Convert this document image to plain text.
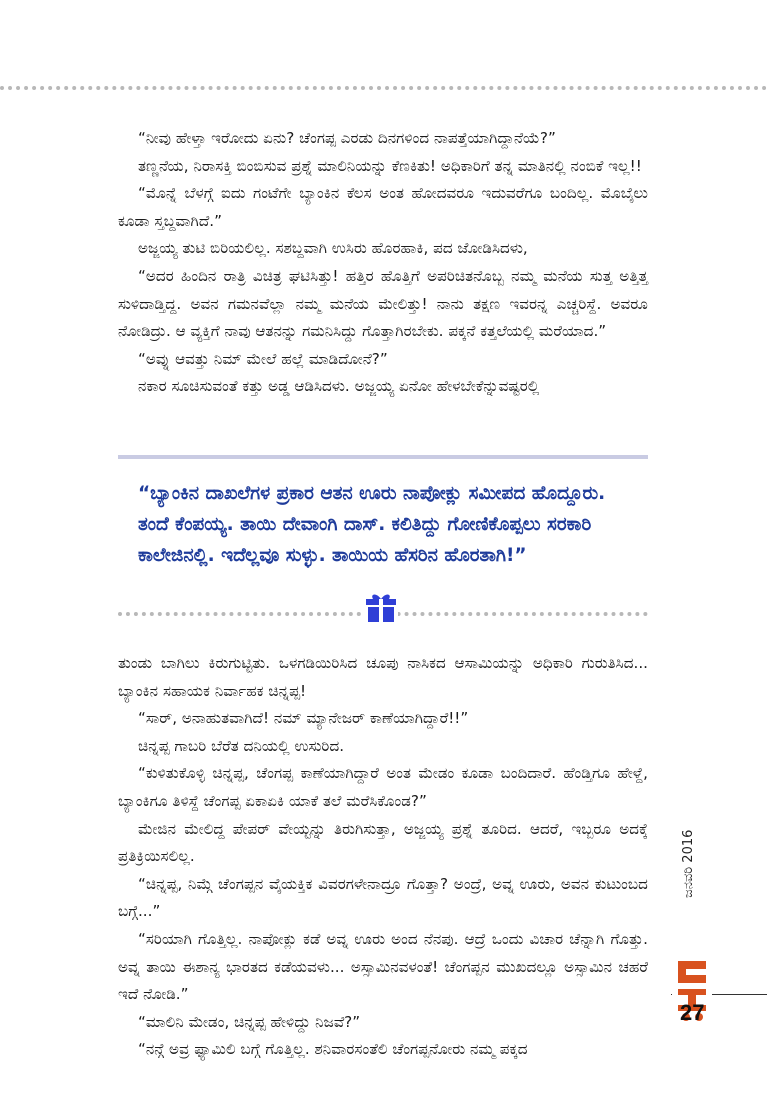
“ನೀವು ಹೇಳ್ತಾ ಇರೋದು ಏನು? ಚೆಂಗಪ್ಪ ಎರಡು ದಿನಗಳಿಂದ ನಾಪತ್ತೆಯಾಗಿದ್ದಾನೆಯೆ?”

ತಣ್ಣನೆಯ, ನಿರಾಸಕ್ತಿ ಬಿಂಬಿಸುವ ಪ್ರಶ್ನೆ ಮಾಲಿನಿಯನ್ನು ಕೆಣಕಿತು! ಅಧಿಕಾರಿಗೆ ತನ್ನ ಮಾತಿನಲ್ಲಿ ನಂಬಿಕೆ ಇಲ್ಲ!!

“ಮೊನ್ನೆ ಬೆಳಗ್ಗೆ ಐದು ಗಂಟೆಗೇ ಬ್ಯಾಂಕಿನ ಕೆಲಸ ಅಂತ ಹೋದವರೂ ಇದುವರೆಗೂ ಬಂದಿಲ್ಲ. ಮೊಬೈಲು ಕೂಡಾ ಸ್ತಬ್ದವಾಗಿದೆ.”

ಅಜ್ಜಯ್ಯ ತುಟಿ ಬಿರಿಯಲಿಲ್ಲ. ಸಶಬ್ದವಾಗಿ ಉಸಿರು ಹೊರಹಾಕಿ, ಪದ ಜೋಡಿಸಿದಳು,

“ಅದರ ಹಿಂದಿನ ರಾತ್ರಿ ವಿಚಿತ್ರ ಘಟಿಸಿತ್ತು! ಹತ್ತಿರ ಹೊತ್ತಿಗೆ ಅಪರಿಚಿತನೊಬ್ಬ ನಮ್ಮ ಮನೆಯ ಸುತ್ತ ಅತ್ತಿತ್ತ ಸುಳಿದಾಡ್ತಿದ್ದ. ಅವನ ಗಮನವೆಲ್ಲಾ ನಮ್ಮ ಮನೆಯ ಮೇಲಿತ್ತು! ನಾನು ತಕ್ಷಣ ಇವರನ್ನ ಎಚ್ಚರಿಸ್ದೆ. ಅವರೂ ನೋಡಿದ್ರು. ಆ ವ್ಯಕ್ತಿಗೆ ನಾವು ಆತನನ್ನು ಗಮನಿಸಿದ್ದು ಗೊತ್ತಾಗಿರಬೇಕು. ಪಕ್ಕನೆ ಕತ್ತಲೆಯಲ್ಲಿ ಮರೆಯಾದ.”

“ಅವ್ನು ಆವತ್ತು ನಿಮ್ ಮೇಲೆ ಹಲ್ಲೆ ಮಾಡಿದೋನೆ?”

ನಕಾರ ಸೂಚಿಸುವಂತೆ ಕತ್ತು ಅಡ್ಡ ಆಡಿಸಿದಳು. ಅಜ್ಜಯ್ಯ ಏನೋ ಹೇಳಬೇಕೆನ್ನುವಷ್ಟರಲ್ಲಿ

“ಬ್ಯಾಂಕಿನ ದಾಖಲೆಗಳ ಪ್ರಕಾರ ಆತನ ಊರು ನಾಪೋಕ್ಲು ಸಮೀಪದ ಹೊದ್ದೂರು. ತಂದೆ ಕೆಂಪಯ್ಯ. ತಾಯಿ ದೇವಾಂಗಿ ದಾಸ್. ಕಲಿತಿದ್ದು ಗೋಣಿಕೊಪ್ಪಲು ಸರಕಾರಿ ಕಾಲೇಜಿನಲ್ಲಿ. ಇದೆಲ್ಲವೂ ಸುಳ್ಳು. ತಾಯಿಯ ಹೆಸರಿನ ಹೊರತಾಗಿ!”

ತುಂಡು ಬಾಗಿಲು ಕಿರುಗುಟ್ಟಿತು. ಒಳಗಡಿಯಿರಿಸಿದ ಚೂಪು ನಾಸಿಕದ ಆಸಾಮಿಯನ್ನು ಅಧಿಕಾರಿ ಗುರುತಿಸಿದ... ಬ್ಯಾಂಕಿನ ಸಹಾಯಕ ನಿರ್ವಾಹಕ ಚಿನ್ನಪ್ಪ!

“ಸಾರ್, ಅನಾಹುತವಾಗಿದೆ! ನಮ್ ಮ್ಯಾನೇಜರ್ ಕಾಣೆಯಾಗಿದ್ದಾರೆ!!”

ಚಿನ್ನಪ್ಪ ಗಾಬರಿ ಬೆರೆತ ದನಿಯಲ್ಲಿ ಉಸುರಿದ.

“ಕುಳಿತುಕೊಳ್ಳಿ ಚಿನ್ನಪ್ಪ, ಚೆಂಗಪ್ಪ ಕಾಣೆಯಾಗಿದ್ದಾರೆ ಅಂತ ಮೇಡಂ ಕೂಡಾ ಬಂದಿದಾರೆ. ಹೆಂಡ್ತಿಗೂ ಹೇಳ್ದೆ, ಬ್ಯಾಂಕಿಗೂ ತಿಳಿಸ್ದೆ ಚೆಂಗಪ್ಪ ಏಕಾಏಕಿ ಯಾಕೆ ತಲೆ ಮರೆಸಿಕೊಂಡ?”

ಮೇಜಿನ ಮೇಲಿದ್ದ ಪೇಪರ್ ವೇಯ್ಟನ್ನು ತಿರುಗಿಸುತ್ತಾ, ಅಜ್ಜಯ್ಯ ಪ್ರಶ್ನೆ ತೂರಿದ. ಆದರೆ, ಇಬ್ಬರೂ ಅದಕ್ಕೆ ಪ್ರತಿಕ್ರಿಯಿಸಲಿಲ್ಲ.

“ಚಿನ್ನಪ್ಪ, ನಿಮ್ಗೆ ಚೆಂಗಪ್ಪನ ವೈಯಕ್ತಿಕ ವಿವರಗಳೇನಾದ್ರೂ ಗೊತ್ತಾ? ಅಂದ್ರೆ, ಅವ್ನ ಊರು, ಅವನ ಕುಟುಂಬದ ಬಗ್ಗೆ...”

“ಸರಿಯಾಗಿ ಗೊತ್ತಿಲ್ಲ. ನಾಪೋಕ್ಲು ಕಡೆ ಅವ್ನ ಊರು ಅಂದ ನೆನಪು. ಆದ್ರೆ ಒಂದು ವಿಚಾರ ಚೆನ್ನಾಗಿ ಗೊತ್ತು. ಅವ್ನ ತಾಯಿ ಈಶಾನ್ಯ ಭಾರತದ ಕಡೆಯವಳು... ಅಸ್ಸಾಮಿನವಳಂತೆ! ಚೆಂಗಪ್ಪನ ಮುಖದಲ್ಲೂ ಅಸ್ಸಾಮಿನ ಚಹರೆ ಇದೆ ನೋಡಿ.”

“ಮಾಲಿನಿ ಮೇಡಂ, ಚಿನ್ನಪ್ಪ ಹೇಳಿದ್ದು ನಿಜವೆ?”

“ನನ್ಗೆ ಅವ್ರ ಫ್ಯಾಮಿಲಿ ಬಗ್ಗೆ ಗೊತ್ತಿಲ್ಲ. ಶನಿವಾರಸಂತೆಲಿ ಚೆಂಗಪ್ಪನೋರು ನಮ್ಮ ಪಕ್ಕದ

ಜನವರಿ 2016
27
